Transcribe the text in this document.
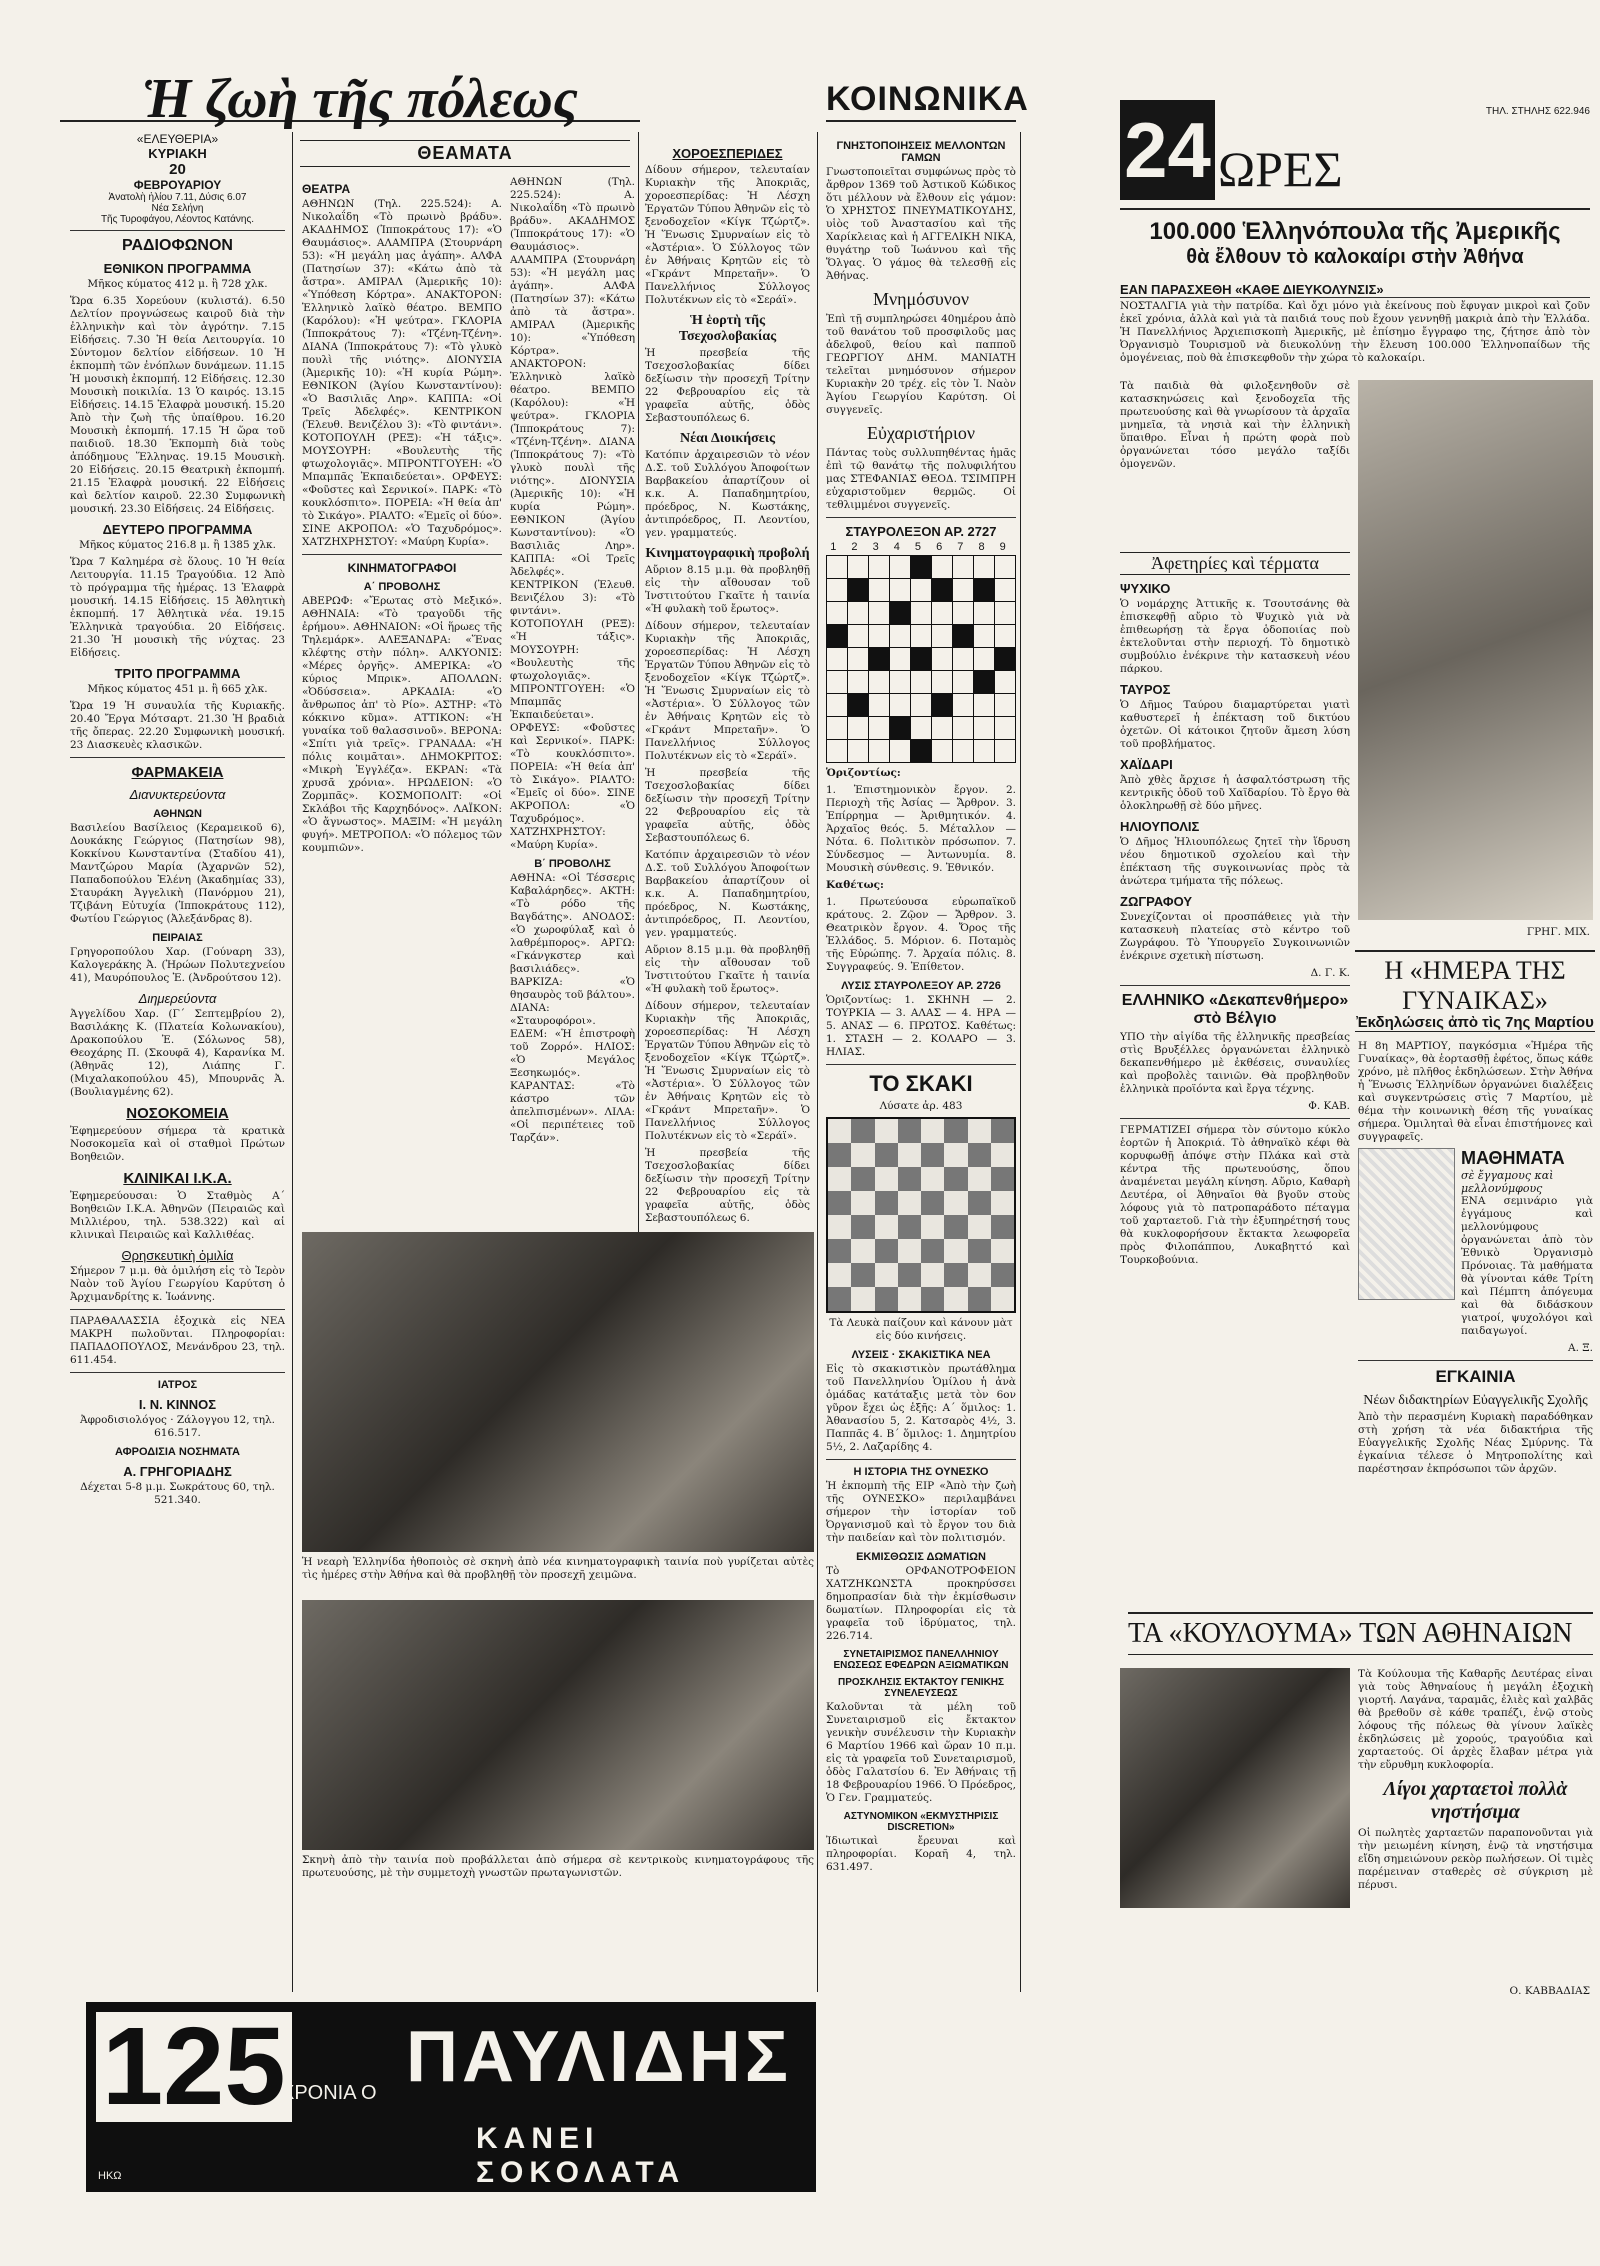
Ἡ ζωὴ τῆς πόλεως	ΚΟΙΝΩΝΙΚΑ
24 ΩΡΕΣ
ΤΗΛ. ΣΤΗΛΗΣ 622.946
«ΕΛΕΥΘΕΡΙΑ»
ΚΥΡΙΑΚΗ
20
ΦΕΒΡΟΥΑΡΙΟΥ
Ἀνατολὴ ἡλίου 7.11, Δύσις 6.07
Νέα Σελήνη
Τῆς Τυροφάγου, Λέοντος Κατάνης.
ΡΑΔΙΟΦΩΝΟΝ
ΕΘΝΙΚΟΝ ΠΡΟΓΡΑΜΜΑ
Μῆκος κύματος 412 μ. ἢ 728 χλκ.

Ὥρα 6.35 Χορεύουν (κυλιστά). 6.50 Δελτίον προγνώσεως καιροῦ διὰ τὴν ἐλληνικὴν καὶ τὸν ἀγρότην. 7.15 Εἰδήσεις. 7.30 Ἡ θεία Λειτουργία. 10 Σύντομον δελτίον εἰδήσεων. 10 Ἡ ἐκπομπὴ τῶν ἐνόπλων δυνάμεων. 11.15 Ἡ μουσικὴ ἐκπομπή. 12 Εἰδήσεις. 12.30 Μουσικὴ ποικιλία. 13 Ὁ καιρός. 13.15 Εἰδήσεις. 14.15 Ἐλαφρὰ μουσική. 15.20 Ἀπὸ τὴν ζωὴ τῆς ὑπαίθρου. 16.20 Μουσικὴ ἐκπομπή. 17.15 Ἡ ὥρα τοῦ παιδιοῦ. 18.30 Ἐκπομπὴ διὰ τοὺς ἀπόδημους Ἕλληνας. 19.15 Μουσικὴ. 20 Εἰδήσεις. 20.15 Θεατρικὴ ἐκπομπή. 21.15 Ἐλαφρὰ μουσική. 22 Εἰδήσεις καὶ δελτίον καιροῦ. 22.30 Συμφωνικὴ μουσική. 23.30 Εἰδήσεις. 24 Εἰδήσεις.

ΔΕΥΤΕΡΟ ΠΡΟΓΡΑΜΜΑ
Μῆκος κύματος 216.8 μ. ἢ 1385 χλκ.

Ὥρα 7 Καλημέρα σὲ ὅλους. 10 Ἡ θεία Λειτουργία. 11.15 Τραγούδια. 12 Ἀπὸ τὸ πρόγραμμα τῆς ἡμέρας. 13 Ἐλαφρὰ μουσική. 14.15 Εἰδήσεις. 15 Ἀθλητικὴ ἐκπομπή. 17 Ἀθλητικὰ νέα. 19.15 Ἐλληνικὰ τραγούδια. 20 Εἰδήσεις. 21.30 Ἡ μουσικὴ τῆς νύχτας. 23 Εἰδήσεις.

ΤΡΙΤΟ ΠΡΟΓΡΑΜΜΑ
Μῆκος κύματος 451 μ. ἢ 665 χλκ.

Ὥρα 19 Ἡ συναυλία τῆς Κυριακῆς. 20.40 Ἔργα Μότσαρτ. 21.30 Ἡ βραδιὰ τῆς ὄπερας. 22.20 Συμφωνικὴ μουσική. 23 Διασκευὲς κλασικῶν.

ΦΑΡΜΑΚΕΙΑ
Διανυκτερεύοντα
ΑΘΗΝΩΝ

Βασιλείου Βασίλειος (Κεραμεικοῦ 6), Δουκάκης Γεώργιος (Πατησίων 98), Κοκκίνου Κωνσταντίνα (Σταδίου 41), Μαντζώρου Μαρία (Ἀχαρνῶν 52), Παπαδοπούλου Ἑλένη (Ἀκαδημίας 33), Σταυράκη Ἀγγελικὴ (Πανόρμου 21), Τζιβάνη Εὐτυχία (Ἱπποκράτους 112), Φωτίου Γεώργιος (Ἀλεξάνδρας 8).

ΠΕΙΡΑΙΑΣ

Γρηγοροπούλου Χαρ. (Γούναρη 33), Καλογεράκης Ἀ. (Ἡρώων Πολυτεχνείου 41), Μαυρόπουλος Ἐ. (Ἀνδρούτσου 12).

Διημερεύοντα

Ἀγγελίδου Χαρ. (Γ΄ Σεπτεμβρίου 2), Βασιλάκης Κ. (Πλατεία Κολωνακίου), Δρακοπούλου Ἐ. (Σόλωνος 58), Θεοχάρης Π. (Σκουφᾶ 4), Καρανίκα Μ. (Ἀθηνᾶς 12), Λιάπης Γ. (Μιχαλακοπούλου 45), Μπουρνᾶς Ἀ. (Βουλιαγμένης 62).

ΝΟΣΟΚΟΜΕΙΑ

Ἐφημερεύουν σήμερα τὰ κρατικὰ Νοσοκομεῖα καὶ οἱ σταθμοὶ Πρώτων Βοηθειῶν.

ΚΛΙΝΙΚΑΙ Ι.Κ.Α.

Ἐφημερεύουσαι: Ὁ Σταθμὸς Α΄ Βοηθειῶν Ι.Κ.Α. Ἀθηνῶν (Πειραιῶς καὶ Μιλλιέρου, τηλ. 538.322) καὶ αἱ κλινικαὶ Πειραιῶς καὶ Καλλιθέας.

Θρησκευτικὴ ὁμιλία

Σήμερον 7 μ.μ. θὰ ὁμιλήση εἰς τὸ Ἱερὸν Ναὸν τοῦ Ἁγίου Γεωργίου Καρύτση ὁ Ἀρχιμανδρίτης κ. Ἰωάννης.

ΠΑΡΑΘΑΛΑΣΣΙΑ ἐξοχικὰ εἰς ΝΕΑ ΜΑΚΡΗ πωλοῦνται. Πληροφορίαι: ΠΑΠΑΔΟΠΟΥΛΟΣ, Μενάνδρου 23, τηλ. 611.454.

ΙΑΤΡΟΣ
Ι. Ν. ΚΙΝΝΟΣ
Ἀφροδισιολόγος · Ζάλογγου 12, τηλ. 616.517.
ΑΦΡΟΔΙΣΙΑ ΝΟΣΗΜΑΤΑ
Α. ΓΡΗΓΟΡΙΑΔΗΣ
Δέχεται 5-8 μ.μ. Σωκράτους 60, τηλ. 521.340.
ΘΕΑΜΑΤΑ
ΘΕΑΤΡΑ

ΑΘΗΝΩΝ (Τηλ. 225.524): Α. Νικολαΐδη «Τὸ πρωινὸ βράδυ». ΑΚΑΔΗΜΟΣ (Ἰπποκράτους 17): «Ὁ Θαυμάσιος». ΑΛΑΜΠΡΑ (Στουρνάρη 53): «Ἡ μεγάλη μας ἀγάπη». ΑΛΦΑ (Πατησίων 37): «Κάτω ἀπὸ τὰ ἄστρα». ΑΜΙΡΑΛ (Ἀμερικῆς 10): «Ὑπόθεση Κόρτρα». ΑΝΑΚΤΟΡΟΝ: Ἑλληνικὸ λαϊκὸ θέατρο. ΒΕΜΠΟ (Καρόλου): «Ἡ ψεύτρα». ΓΚΛΟΡΙΑ (Ἱπποκράτους 7): «Τζένη-Τζένη». ΔΙΑΝΑ (Ἱπποκράτους 7): «Τὸ γλυκὸ πουλὶ τῆς νιότης». ΔΙΟΝΥΣΙΑ (Ἀμερικῆς 10): «Ἡ κυρία Ρώμη». ΕΘΝΙΚΟΝ (Ἁγίου Κωνσταντίνου): «Ὁ Βασιλιᾶς Ληρ». ΚΑΠΠΑ: «Οἱ Τρεῖς Ἀδελφές». ΚΕΝΤΡΙΚΟΝ (Ἐλευθ. Βενιζέλου 3): «Τὸ φιντάνι». ΚΟΤΟΠΟΥΛΗ (ΡΕΞ): «Ἡ τάξις». ΜΟΥΣΟΥΡΗ: «Βουλευτὴς τῆς φτωχολογιᾶς». ΜΠΡΟΝΤΓΟΥΕΗ: «Ὁ Μπαμπᾶς Ἐκπαιδεύεται». ΟΡΦΕΥΣ: «Φοῦστες καὶ Σερνικοί». ΠΑΡΚ: «Τὸ κουκλόσπιτο». ΠΟΡΕΙΑ: «Ἡ θεία ἀπ' τὸ Σικάγο». ΡΙΑΛΤΟ: «Ἐμεῖς οἱ δύο». ΣΙΝΕ ΑΚΡΟΠΟΛ: «Ὁ Ταχυδρόμος». ΧΑΤΖΗΧΡΗΣΤΟΥ: «Μαύρη Κυρία».

ΚΙΝΗΜΑΤΟΓΡΑΦΟΙ
Α΄ ΠΡΟΒΟΛΗΣ

ΑΒΕΡΩΦ: «Ἔρωτας στὸ Μεξικό». ΑΘΗΝΑΙΑ: «Τὸ τραγοῦδι τῆς ἐρήμου». ΑΘΗΝΑΙΟΝ: «Οἱ ἥρωες τῆς Τηλεμάρκ». ΑΛΕΞΑΝΔΡΑ: «Ἕνας κλέφτης στὴν πόλη». ΑΛΚΥΟΝΙΣ: «Μέρες ὀργῆς». ΑΜΕΡΙΚΑ: «Ὁ κύριος Μπρικ». ΑΠΟΛΛΩΝ: «Ὀδύσσεια». ΑΡΚΑΔΙΑ: «Ὁ ἄνθρωπος ἀπ' τὸ Ρίο». ΑΣΤΗΡ: «Τὸ κόκκινο κῦμα». ΑΤΤΙΚΟΝ: «Ἡ γυναίκα τοῦ θαλασσινοῦ». ΒΕΡΟΝΑ: «Σπίτι γιὰ τρεῖς». ΓΡΑΝΑΔΑ: «Ἡ πόλις κοιμᾶται». ΔΗΜΟΚΡΙΤΟΣ: «Μικρὴ Ἐγγλέζα». ΕΚΡΑΝ: «Τὰ χρυσᾶ χρόνια». ΗΡΩΔΕΙΟΝ: «Ὁ Ζορμπᾶς». ΚΟΣΜΟΠΟΛΙΤ: «Οἱ Σκλάβοι τῆς Καρχηδόνος». ΛΑΪΚΟΝ: «Ὁ ἄγνωστος». ΜΑΞΙΜ: «Ἡ μεγάλη φυγή». ΜΕΤΡΟΠΟΛ: «Ὁ πόλεμος τῶν κουμπιῶν».

ΑΘΗΝΩΝ (Τηλ. 225.524): Α. Νικολαΐδη «Τὸ πρωινὸ βράδυ». ΑΚΑΔΗΜΟΣ (Ἰπποκράτους 17): «Ὁ Θαυμάσιος». ΑΛΑΜΠΡΑ (Στουρνάρη 53): «Ἡ μεγάλη μας ἀγάπη». ΑΛΦΑ (Πατησίων 37): «Κάτω ἀπὸ τὰ ἄστρα». ΑΜΙΡΑΛ (Ἀμερικῆς 10): «Ὑπόθεση Κόρτρα». ΑΝΑΚΤΟΡΟΝ: Ἑλληνικὸ λαϊκὸ θέατρο. ΒΕΜΠΟ (Καρόλου): «Ἡ ψεύτρα». ΓΚΛΟΡΙΑ (Ἱπποκράτους 7): «Τζένη-Τζένη». ΔΙΑΝΑ (Ἱπποκράτους 7): «Τὸ γλυκὸ πουλὶ τῆς νιότης». ΔΙΟΝΥΣΙΑ (Ἀμερικῆς 10): «Ἡ κυρία Ρώμη». ΕΘΝΙΚΟΝ (Ἁγίου Κωνσταντίνου): «Ὁ Βασιλιᾶς Ληρ». ΚΑΠΠΑ: «Οἱ Τρεῖς Ἀδελφές». ΚΕΝΤΡΙΚΟΝ (Ἐλευθ. Βενιζέλου 3): «Τὸ φιντάνι». ΚΟΤΟΠΟΥΛΗ (ΡΕΞ): «Ἡ τάξις». ΜΟΥΣΟΥΡΗ: «Βουλευτὴς τῆς φτωχολογιᾶς». ΜΠΡΟΝΤΓΟΥΕΗ: «Ὁ Μπαμπᾶς Ἐκπαιδεύεται». ΟΡΦΕΥΣ: «Φοῦστες καὶ Σερνικοί». ΠΑΡΚ: «Τὸ κουκλόσπιτο». ΠΟΡΕΙΑ: «Ἡ θεία ἀπ' τὸ Σικάγο». ΡΙΑΛΤΟ: «Ἐμεῖς οἱ δύο». ΣΙΝΕ ΑΚΡΟΠΟΛ: «Ὁ Ταχυδρόμος». ΧΑΤΖΗΧΡΗΣΤΟΥ: «Μαύρη Κυρία».

Β΄ ΠΡΟΒΟΛΗΣ

ΑΘΗΝΑ: «Οἱ Τέσσερις Καβαλάρηδες». ΑΚΤΗ: «Τὸ ρόδο τῆς Βαγδάτης». ΑΝΟΔΟΣ: «Ὁ χωροφύλαξ καὶ ὁ λαθρέμπορος». ΑΡΓΩ: «Γκάνγκστερ καὶ βασιλιάδες». ΒΑΡΚΙΖΑ: «Ὁ θησαυρὸς τοῦ βάλτου». ΔΙΑΝΑ: «Σταυροφόροι». ΕΔΕΜ: «Ἡ ἐπιστροφὴ τοῦ Ζορρό». ΗΛΙΟΣ: «Ὁ Μεγάλος Ξεσηκωμός». ΚΑΡΑΝΤΑΣ: «Τὸ κάστρο τῶν ἀπελπισμένων». ΛΙΛΑ: «Οἱ περιπέτειες τοῦ Ταρζάν».

ΧΟΡΟΕΣΠΕΡΙΔΕΣ

Δίδουν σήμερον, τελευταίαν Κυριακὴν τῆς Ἀποκριᾶς, χοροεσπερίδας: Ἡ Λέσχη Ἐργατῶν Τύπου Ἀθηνῶν εἰς τὸ ξενοδοχεῖον «Κίγκ Τζώρτζ». Ἡ Ἕνωσις Σμυρναίων εἰς τὸ «Ἀστέρια». Ὁ Σύλλογος τῶν ἐν Ἀθήναις Κρητῶν εἰς τὸ «Γκράντ Μπρεταῆν». Ὁ Πανελλήνιος Σύλλογος Πολυτέκνων εἰς τὸ «Σεράϊ».

Ἡ ἑορτὴ τῆς Τσεχοσλοβακίας

Ἡ πρεσβεία τῆς Τσεχοσλοβακίας δίδει δεξίωσιν τὴν προσεχῆ Τρίτην 22 Φεβρουαρίου εἰς τὰ γραφεῖα αὐτῆς, ὁδὸς Σεβαστουπόλεως 6.

Νέαι Διοικήσεις

Κατόπιν ἀρχαιρεσιῶν τὸ νέον Δ.Σ. τοῦ Συλλόγου Ἀποφοίτων Βαρβακείου ἀπαρτίζουν οἱ κ.κ. Α. Παπαδημητρίου, πρόεδρος, Ν. Κωστάκης, ἀντιπρόεδρος, Π. Λεοντίου, γεν. γραμματεύς.

Κινηματογραφικὴ προβολή

Αὔριον 8.15 μ.μ. θὰ προβληθῇ εἰς τὴν αἴθουσαν τοῦ Ἰνστιτούτου Γκαῖτε ἡ ταινία «Ἡ φυλακὴ τοῦ ἔρωτος».

Δίδουν σήμερον, τελευταίαν Κυριακὴν τῆς Ἀποκριᾶς, χοροεσπερίδας: Ἡ Λέσχη Ἐργατῶν Τύπου Ἀθηνῶν εἰς τὸ ξενοδοχεῖον «Κίγκ Τζώρτζ». Ἡ Ἕνωσις Σμυρναίων εἰς τὸ «Ἀστέρια». Ὁ Σύλλογος τῶν ἐν Ἀθήναις Κρητῶν εἰς τὸ «Γκράντ Μπρεταῆν». Ὁ Πανελλήνιος Σύλλογος Πολυτέκνων εἰς τὸ «Σεράϊ».

Ἡ πρεσβεία τῆς Τσεχοσλοβακίας δίδει δεξίωσιν τὴν προσεχῆ Τρίτην 22 Φεβρουαρίου εἰς τὰ γραφεῖα αὐτῆς, ὁδὸς Σεβαστουπόλεως 6.

Κατόπιν ἀρχαιρεσιῶν τὸ νέον Δ.Σ. τοῦ Συλλόγου Ἀποφοίτων Βαρβακείου ἀπαρτίζουν οἱ κ.κ. Α. Παπαδημητρίου, πρόεδρος, Ν. Κωστάκης, ἀντιπρόεδρος, Π. Λεοντίου, γεν. γραμματεύς.

Αὔριον 8.15 μ.μ. θὰ προβληθῇ εἰς τὴν αἴθουσαν τοῦ Ἰνστιτούτου Γκαῖτε ἡ ταινία «Ἡ φυλακὴ τοῦ ἔρωτος».

Δίδουν σήμερον, τελευταίαν Κυριακὴν τῆς Ἀποκριᾶς, χοροεσπερίδας: Ἡ Λέσχη Ἐργατῶν Τύπου Ἀθηνῶν εἰς τὸ ξενοδοχεῖον «Κίγκ Τζώρτζ». Ἡ Ἕνωσις Σμυρναίων εἰς τὸ «Ἀστέρια». Ὁ Σύλλογος τῶν ἐν Ἀθήναις Κρητῶν εἰς τὸ «Γκράντ Μπρεταῆν». Ὁ Πανελλήνιος Σύλλογος Πολυτέκνων εἰς τὸ «Σεράϊ».

Ἡ πρεσβεία τῆς Τσεχοσλοβακίας δίδει δεξίωσιν τὴν προσεχῆ Τρίτην 22 Φεβρουαρίου εἰς τὰ γραφεῖα αὐτῆς, ὁδὸς Σεβαστουπόλεως 6.

ΓΝΗΣΤΟΠΟΙΗΣΕΙΣ ΜΕΛΛΟΝΤΩΝ ΓΑΜΩΝ

Γνωστοποιεῖται συμφώνως πρὸς τὸ ἄρθρον 1369 τοῦ Ἀστικοῦ Κώδικος ὅτι μέλλουν νὰ ἔλθουν εἰς γάμον: Ὁ ΧΡΗΣΤΟΣ ΠΝΕΥΜΑΤΙΚΟΥΔΗΣ, υἱὸς τοῦ Ἀναστασίου καὶ τῆς Χαρίκλειας καὶ ἡ ΑΓΓΕΛΙΚΗ ΝΙΚΑ, θυγάτηρ τοῦ Ἰωάννου καὶ τῆς Ὅλγας. Ὁ γάμος θὰ τελεσθῇ εἰς Ἀθήνας.

Μνημόσυνον

Ἐπὶ τῇ συμπληρώσει 40ημέρου ἀπὸ τοῦ θανάτου τοῦ προσφιλοῦς μας ἀδελφοῦ, θείου καὶ παπποῦ ΓΕΩΡΓΙΟΥ ΔΗΜ. ΜΑΝΙΑΤΗ τελεῖται μνημόσυνον σήμερον Κυριακὴν 20 τρέχ. εἰς τὸν Ἱ. Ναὸν Ἁγίου Γεωργίου Καρύτση. Οἱ συγγενεῖς.

Εὐχαριστήριον

Πάντας τοὺς συλλυπηθέντας ἡμᾶς ἐπὶ τῷ θανάτῳ τῆς πολυφιλήτου μας ΣΤΕΦΑΝΙΑΣ ΘΕΟΔ. ΤΣΙΜΠΡΗ εὐχαριστοῦμεν θερμῶς. Οἱ τεθλιμμένοι συγγενεῖς.

ΣΤΑΥΡΟΛΕΞΟΝ ΑΡ. 2727
1 2 3 4 5 6 7 8 9

Ὁριζοντίως:

1. Ἐπιστημονικὸν ἔργον. 2. Περιοχὴ τῆς Ἀσίας — Ἄρθρον. 3. Ἐπίρρημα — Ἀριθμητικόν. 4. Ἀρχαῖος θεός. 5. Μέταλλον — Νότα. 6. Πολιτικὸν πρόσωπον. 7. Σύνδεσμος — Ἀντωνυμία. 8. Μουσικὴ σύνθεσις. 9. Ἐθνικόν.

Καθέτως:

1. Πρωτεύουσα εὐρωπαϊκοῦ κράτους. 2. Ζῷον — Ἄρθρον. 3. Θεατρικὸν ἔργον. 4. Ὄρος τῆς Ἑλλάδος. 5. Μόριον. 6. Ποταμὸς τῆς Εὐρώπης. 7. Ἀρχαία πόλις. 8. Συγγραφεύς. 9. Ἐπίθετον.

ΛΥΣΙΣ ΣΤΑΥΡΟΛΕΞΟΥ ΑΡ. 2726

Ὁριζοντίως: 1. ΣΚΗΝΗ — 2. ΤΟΥΡΚΙΑ — 3. ΑΛΑΣ — 4. ΗΡΑ — 5. ΑΝΑΣ — 6. ΠΡΩΤΟΣ. Καθέτως: 1. ΣΤΑΣΗ — 2. ΚΟΛΑΡΟ — 3. ΗΛΙΑΣ.

ΤΟ ΣΚΑΚΙ
Λύσατε ἀρ. 483

Τὰ Λευκὰ παίζουν καὶ κάνουν μὰτ εἰς δύο κινήσεις.

ΛΥΣΕΙΣ · ΣΚΑΚΙΣΤΙΚΑ ΝΕΑ

Εἰς τὸ σκακιστικὸν πρωτάθλημα τοῦ Πανελληνίου Ὁμίλου ἡ ἀνὰ ὁμάδας κατάταξις μετὰ τὸν 6ον γῦρον ἔχει ὡς ἑξῆς: Α΄ ὅμιλος: 1. Ἀθανασίου 5, 2. Κατσαρὸς 4½, 3. Παππᾶς 4. Β΄ ὅμιλος: 1. Δημητρίου 5½, 2. Λαζαρίδης 4.

Η ΙΣΤΟΡΙΑ ΤΗΣ ΟΥΝΕΣΚΟ

Ἡ ἐκπομπὴ τῆς ΕΙΡ «Ἀπὸ τὴν ζωὴ τῆς ΟΥΝΕΣΚΟ» περιλαμβάνει σήμερον τὴν ἱστορίαν τοῦ Ὀργανισμοῦ καὶ τὸ ἔργον του διὰ τὴν παιδείαν καὶ τὸν πολιτισμόν.

ΕΚΜΙΣΘΩΣΙΣ ΔΩΜΑΤΙΩΝ

Τὸ ΟΡΦΑΝΟΤΡΟΦΕΙΟΝ ΧΑΤΖΗΚΩΝΣΤΑ προκηρύσσει δημοπρασίαν διὰ τὴν ἐκμίσθωσιν δωματίων. Πληροφορίαι εἰς τὰ γραφεῖα τοῦ ἱδρύματος, τηλ. 226.714.

ΣΥΝΕΤΑΙΡΙΣΜΟΣ ΠΑΝΕΛΛΗΝΙΟΥ ΕΝΩΣΕΩΣ ΕΦΕΔΡΩΝ ΑΞΙΩΜΑΤΙΚΩΝ
ΠΡΟΣΚΛΗΣΙΣ ΕΚΤΑΚΤΟΥ ΓΕΝΙΚΗΣ ΣΥΝΕΛΕΥΣΕΩΣ

Καλοῦνται τὰ μέλη τοῦ Συνεταιρισμοῦ εἰς ἔκτακτον γενικὴν συνέλευσιν τὴν Κυριακὴν 6 Μαρτίου 1966 καὶ ὥραν 10 π.μ. εἰς τὰ γραφεῖα τοῦ Συνεταιρισμοῦ, ὁδὸς Γαλατσίου 6. Ἐν Ἀθήναις τῇ 18 Φεβρουαρίου 1966. Ὁ Πρόεδρος, Ὁ Γεν. Γραμματεύς.

ΑΣΤΥΝΟΜΙΚΟΝ «ΕΚΜΥΣΤΗΡΙΣΙΣ DISCRETION»

Ἰδιωτικαὶ ἔρευναι καὶ πληροφορίαι. Κοραῆ 4, τηλ. 631.497.

100.000 Ἑλληνόπουλα τῆς Ἀμερικῆς
θὰ ἔλθουν τὸ καλοκαίρι στὴν Ἀθήνα
ΕΑΝ ΠΑΡΑΣΧΕΘΗ «ΚΑΘΕ ΔΙΕΥΚΟΛΥΝΣΙΣ»

ΝΟΣΤΑΛΓΙΑ γιὰ τὴν πατρίδα. Καὶ ὄχι μόνο γιὰ ἐκείνους ποὺ ἔφυγαν μικροὶ καὶ ζοῦν ἐκεῖ χρόνια, ἀλλὰ καὶ γιὰ τὰ παιδιά τους ποὺ ἔχουν γεννηθῇ μακριὰ ἀπὸ τὴν Ἑλλάδα. Ἡ Πανελλήνιος Ἀρχιεπισκοπὴ Ἀμερικῆς, μὲ ἐπίσημο ἔγγραφο της, ζήτησε ἀπὸ τὸν Ὀργανισμὸ Τουρισμοῦ νὰ διευκολύνῃ τὴν ἔλευση 100.000 Ἑλληνοπαίδων τῆς ὁμογένειας, ποὺ θὰ ἐπισκεφθοῦν τὴν χώρα τὸ καλοκαίρι.

Τὰ παιδιὰ θὰ φιλοξενηθοῦν σὲ κατασκηνώσεις καὶ ξενοδοχεῖα τῆς πρωτευούσης καὶ θὰ γνωρίσουν τὰ ἀρχαῖα μνημεῖα, τὰ νησιὰ καὶ τὴν ἑλληνικὴ ὕπαιθρο. Εἶναι ἡ πρώτη φορὰ ποὺ ὀργανώνεται τόσο μεγάλο ταξίδι ὁμογενῶν.

ΓΡΗΓ. ΜΙΧ.
Ἀφετηρίες καὶ τέρματα
ΨΥΧΙΚΟ

Ὁ νομάρχης Ἀττικῆς κ. Τσουτσάνης θὰ ἐπισκεφθῇ αὔριο τὸ Ψυχικὸ γιὰ νὰ ἐπιθεωρήσῃ τὰ ἔργα ὁδοποιίας ποὺ ἐκτελοῦνται στὴν περιοχή. Τὸ δημοτικὸ συμβούλιο ἐνέκρινε τὴν κατασκευὴ νέου πάρκου.

ΤΑΥΡΟΣ

Ὁ Δῆμος Ταύρου διαμαρτύρεται γιατὶ καθυστερεῖ ἡ ἐπέκταση τοῦ δικτύου ὀχετῶν. Οἱ κάτοικοι ζητοῦν ἄμεση λύση τοῦ προβλήματος.

ΧΑΪΔΑΡΙ

Ἀπὸ χθὲς ἄρχισε ἡ ἀσφαλτόστρωση τῆς κεντρικῆς ὁδοῦ τοῦ Χαϊδαρίου. Τὸ ἔργο θὰ ὁλοκληρωθῇ σὲ δύο μῆνες.

ΗΛΙΟΥΠΟΛΙΣ

Ὁ Δῆμος Ἡλιουπόλεως ζητεῖ τὴν ἵδρυση νέου δημοτικοῦ σχολείου καὶ τὴν ἐπέκταση τῆς συγκοινωνίας πρὸς τὰ ἀνώτερα τμήματα τῆς πόλεως.

ΖΩΓΡΑΦΟΥ

Συνεχίζονται οἱ προσπάθειες γιὰ τὴν κατασκευὴ πλατείας στὸ κέντρο τοῦ Ζωγράφου. Τὸ Ὑπουργεῖο Συγκοινωνιῶν ἐνέκρινε σχετικὴ πίστωση.

Δ. Γ. Κ.
ΕΛΛΗΝΙΚΟ «Δεκαπενθήμερο» στὸ Βέλγιο

ΥΠΟ τὴν αἰγίδα τῆς ἑλληνικῆς πρεσβείας στὶς Βρυξέλλες ὀργανώνεται ἑλληνικὸ δεκαπενθήμερο μὲ ἐκθέσεις, συναυλίες καὶ προβολὲς ταινιῶν. Θὰ προβληθοῦν ἑλληνικὰ προϊόντα καὶ ἔργα τέχνης.

Φ. ΚΑΒ.

ΓΕΡΜΑΤΙΖΕΙ σήμερα τὸν σύντομο κύκλο ἑορτῶν ἡ Ἀποκριά. Τὸ ἀθηναϊκὸ κέφι θὰ κορυφωθῇ ἀπόψε στὴν Πλάκα καὶ στὰ κέντρα τῆς πρωτευούσης, ὅπου ἀναμένεται μεγάλη κίνηση. Αὔριο, Καθαρὴ Δευτέρα, οἱ Ἀθηναῖοι θὰ βγοῦν στοὺς λόφους γιὰ τὸ πατροπαράδοτο πέταγμα τοῦ χαρταετοῦ. Γιὰ τὴν ἐξυπηρέτησή τους θὰ κυκλοφορήσουν ἔκτακτα λεωφορεῖα πρὸς Φιλοπάππου, Λυκαβηττό καὶ Τουρκοβούνια.

Η «ΗΜΕΡΑ ΤΗΣ ΓΥΝΑΙΚΑΣ»
Ἐκδηλώσεις ἀπὸ τὶς 7ης Μαρτίου

Η 8η ΜΑΡΤΙΟΥ, παγκόσμια «Ἡμέρα τῆς Γυναίκας», θὰ ἑορτασθῇ ἐφέτος, ὅπως κάθε χρόνο, μὲ πλῆθος ἐκδηλώσεων. Στὴν Ἀθήνα ἡ Ἕνωσις Ἑλληνίδων ὀργανώνει διαλέξεις καὶ συγκεντρώσεις στὶς 7 Μαρτίου, μὲ θέμα τὴν κοινωνικὴ θέση τῆς γυναίκας σήμερα. Ὁμιληταὶ θὰ εἶναι ἐπιστήμονες καὶ συγγραφεῖς.

ΜΑΘΗΜΑΤΑ
σὲ ἔγγαμους καὶ μελλονύμφους

ΕΝΑ σεμινάριο γιὰ ἐγγάμους καὶ μελλονύμφους ὀργανώνεται ἀπὸ τὸν Ἐθνικὸ Ὀργανισμὸ Πρόνοιας. Τὰ μαθήματα θὰ γίνονται κάθε Τρίτη καὶ Πέμπτη ἀπόγευμα καὶ θὰ διδάσκουν γιατροί, ψυχολόγοι καὶ παιδαγωγοί.

Α. Ξ.
ΕΓΚΑΙΝΙΑ
Νέων διδακτηρίων Εὐαγγελικῆς Σχολῆς

Ἀπὸ τὴν περασμένη Κυριακὴ παραδόθηκαν στὴ χρήση τὰ νέα διδακτήρια τῆς Εὐαγγελικῆς Σχολῆς Νέας Σμύρνης. Τὰ ἐγκαίνια τέλεσε ὁ Μητροπολίτης καὶ παρέστησαν ἐκπρόσωποι τῶν ἀρχῶν.

ΤΑ «ΚΟΥΛΟΥΜΑ» ΤΩΝ ΑΘΗΝΑΙΩΝ

Τὰ Κούλουμα τῆς Καθαρῆς Δευτέρας εἶναι γιὰ τοὺς Ἀθηναίους ἡ μεγάλη ἐξοχικὴ γιορτή. Λαγάνα, ταραμᾶς, ἐλιὲς καὶ χαλβᾶς θὰ βρεθοῦν σὲ κάθε τραπέζι, ἐνῷ στοὺς λόφους τῆς πόλεως θὰ γίνουν λαϊκὲς ἐκδηλώσεις μὲ χορούς, τραγούδια καὶ χαρταετούς. Οἱ ἀρχὲς ἔλαβαν μέτρα γιὰ τὴν εὔρυθμη κυκλοφορία.

Λίγοι χαρταετοὶ πολλὰ νηστήσιμα

Οἱ πωλητὲς χαρταετῶν παραπονοῦνται γιὰ τὴν μειωμένη κίνηση, ἐνῷ τὰ νηστήσιμα εἴδη σημειώνουν ρεκὸρ πωλήσεων. Οἱ τιμὲς παρέμειναν σταθερὲς σὲ σύγκριση μὲ πέρυσι.

Ο. ΚΑΒΒΑΔΙΑΣ

Ἡ νεαρὴ Ἐλληνίδα ἠθοποιὸς σὲ σκηνὴ ἀπὸ νέα κινηματογραφικὴ ταινία ποὺ γυρίζεται αὐτὲς τὶς ἡμέρες στὴν Ἀθήνα καὶ θὰ προβληθῇ τὸν προσεχῆ χειμῶνα.

Σκηνὴ ἀπὸ τὴν ταινία ποὺ προβάλλεται ἀπὸ σήμερα σὲ κεντρικοὺς κινηματογράφους τῆς πρωτευούσης, μὲ τὴν συμμετοχὴ γνωστῶν πρωταγωνιστῶν.

125
ΧΡΟΝΙΑ Ο ΠΑΥΛΙΔΗΣ
ΚΑΝΕΙ ΣΟΚΟΛΑΤΑ
ΗΚΩ
